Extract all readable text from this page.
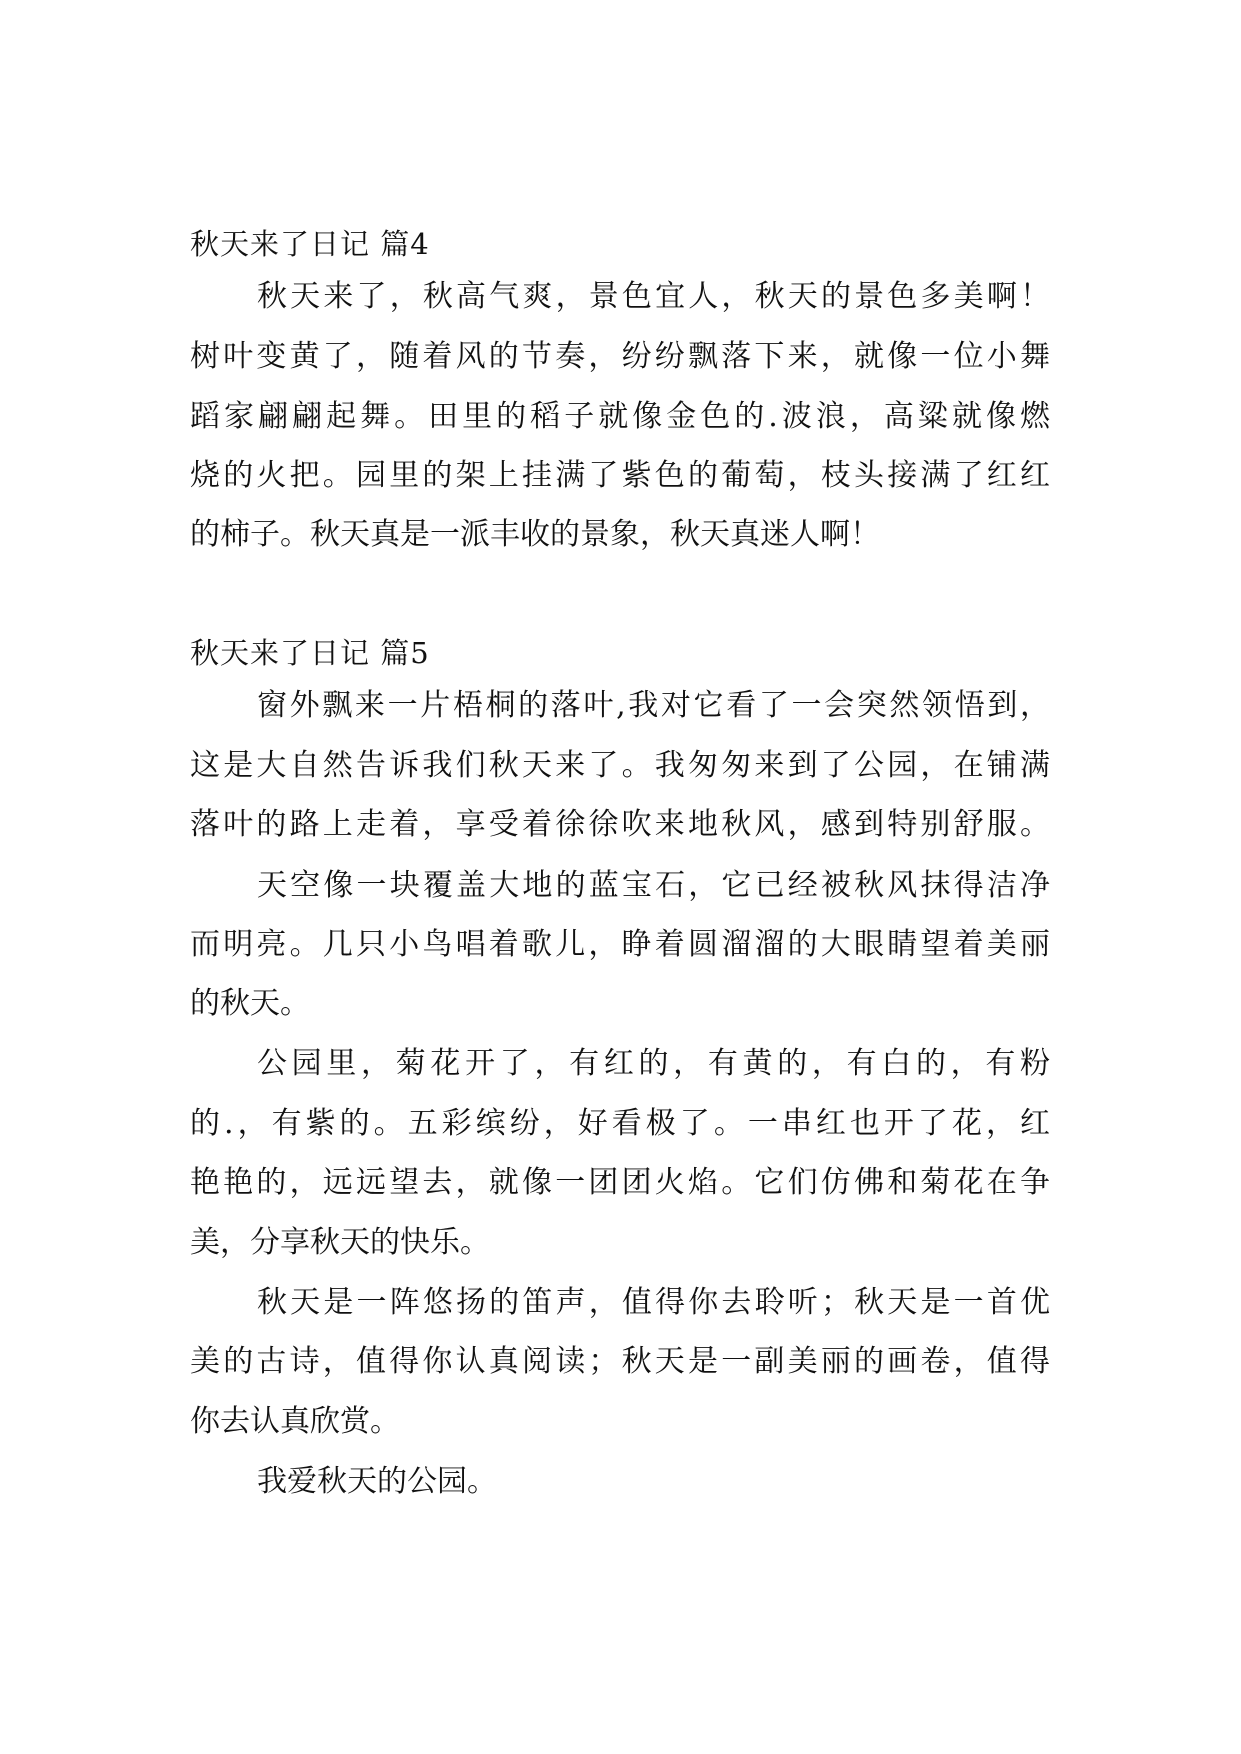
秋天来了日记 篇4

秋天来了，秋高气爽，景色宜人，秋天的景色多美啊！

树叶变黄了，随着风的节奏，纷纷飘落下来，就像一位小舞

蹈家翩翩起舞。田里的稻子就像金色的.波浪，高粱就像燃

烧的火把。园里的架上挂满了紫色的葡萄，枝头接满了红红

的柿子。秋天真是一派丰收的景象，秋天真迷人啊！

秋天来了日记 篇5

窗外飘来一片梧桐的落叶,我对它看了一会突然领悟到，

这是大自然告诉我们秋天来了。我匆匆来到了公园，在铺满

落叶的路上走着，享受着徐徐吹来地秋风，感到特别舒服。

天空像一块覆盖大地的蓝宝石，它已经被秋风抹得洁净

而明亮。几只小鸟唱着歌儿，睁着圆溜溜的大眼睛望着美丽

的秋天。

公园里，菊花开了，有红的，有黄的，有白的，有粉

的.，有紫的。五彩缤纷，好看极了。一串红也开了花，红

艳艳的，远远望去，就像一团团火焰。它们仿佛和菊花在争

美，分享秋天的快乐。

秋天是一阵悠扬的笛声，值得你去聆听；秋天是一首优

美的古诗，值得你认真阅读；秋天是一副美丽的画卷，值得

你去认真欣赏。

我爱秋天的公园。
